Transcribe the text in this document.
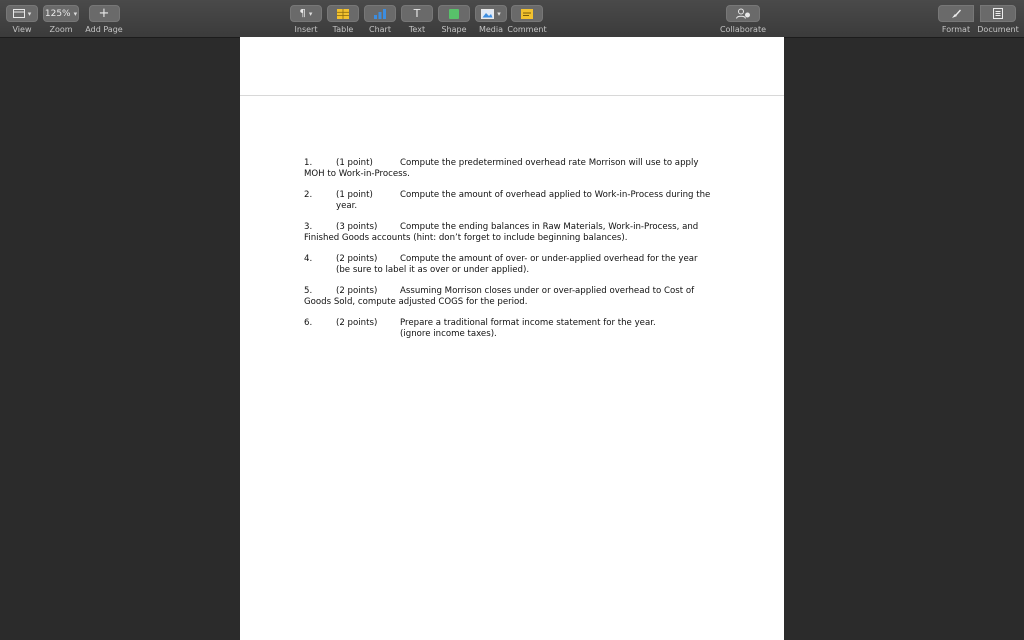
▾
View
125% ▾
Zoom
+
Add Page
¶ ▾
Insert Table Chart
T
Text Shape
▾
Media Comment	Collaborate	Format Document
1.	(1 point)	Compute the predetermined overhead rate Morrison will use to apply
MOH to Work-in-Process.
2.	(1 point)	Compute the amount of overhead applied to Work-in-Process during the
year.
3.	(3 points)	Compute the ending balances in Raw Materials, Work-in-Process, and
Finished Goods accounts (hint: don’t forget to include beginning balances).
4.	(2 points)	Compute the amount of over- or under-applied overhead for the year
(be sure to label it as over or under applied).
5.	(2 points)	Assuming Morrison closes under or over-applied overhead to Cost of
Goods Sold, compute adjusted COGS for the period.
6.	(2 points)	Prepare a traditional format income statement for the year.
(ignore income taxes).
